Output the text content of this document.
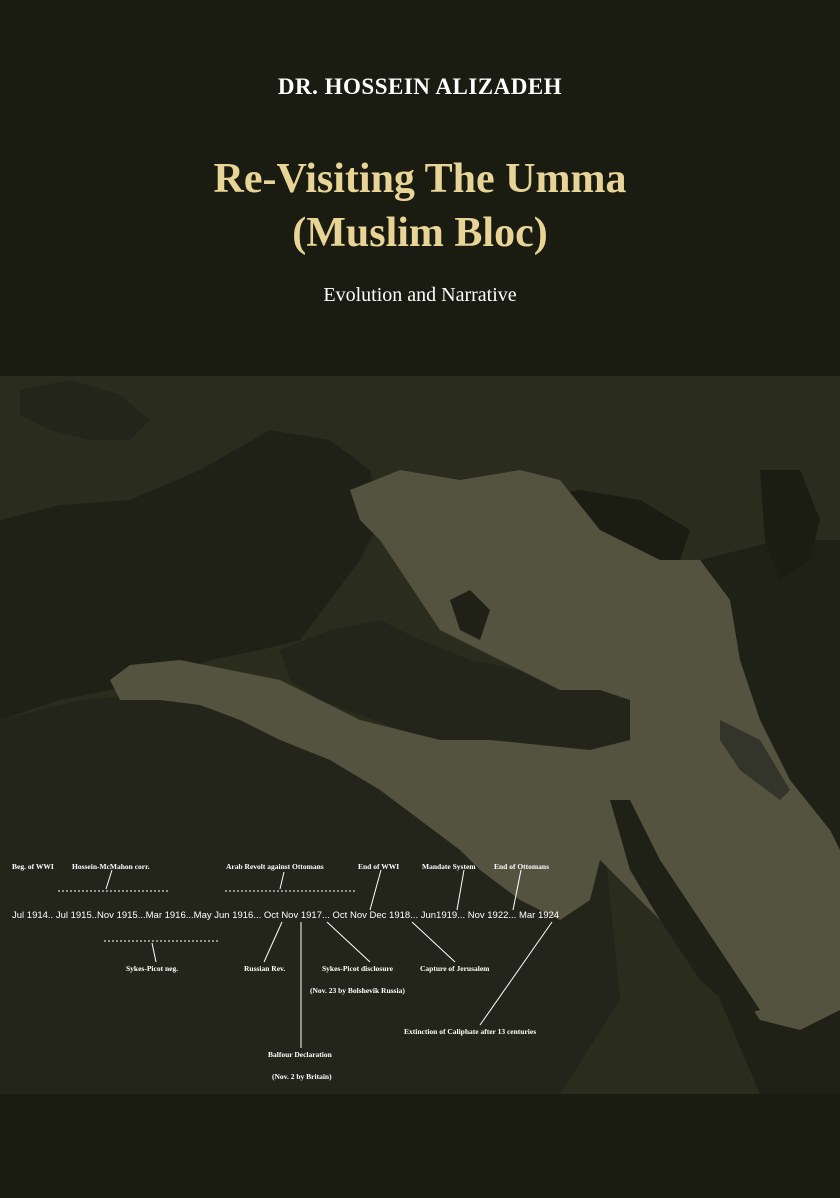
DR. HOSSEIN ALIZADEH
Re-Visiting The Umma
(Muslim Bloc)
Evolution and Narrative
Beg. of WWI Hossein-McMahon corr.	Arab Revolt against Ottomans	End of WWI	Mandate System End of Ottomans
Jul 1914.. Jul 1915..Nov 1915...Mar 1916...May Jun 1916... Oct Nov 1917... Oct Nov Dec 1918... Jun1919... Nov 1922... Mar 1924
Sykes-Picot neg.	Russian Rev.	Sykes-Picot disclosure
(Nov. 23 by Bolshevik Russia)
Capture of Jerusalem
Extinction of Caliphate after 13 centuries
Balfour Declaration
(Nov. 2 by Britain)
